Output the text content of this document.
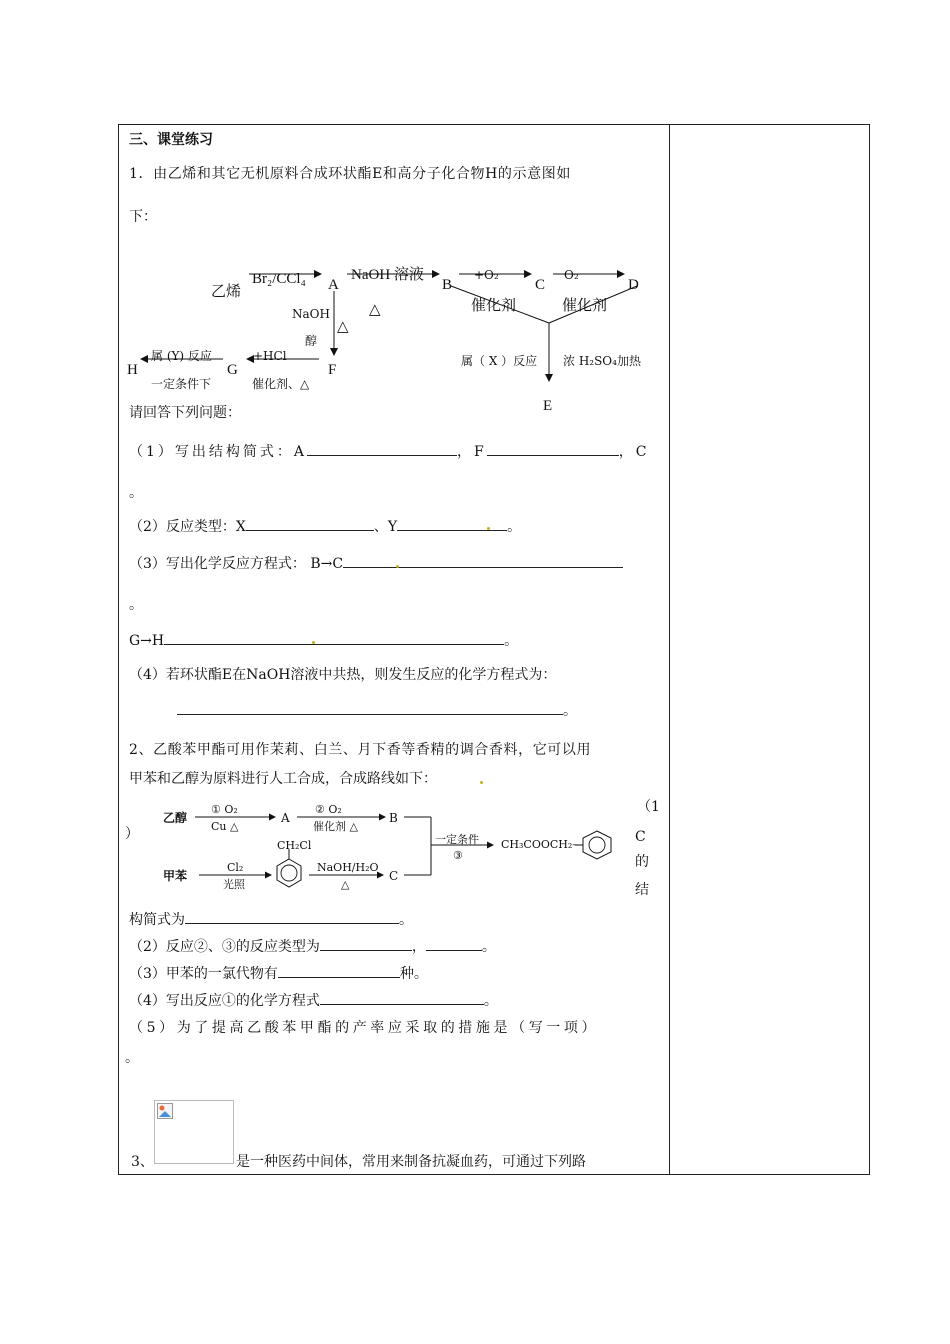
三、课堂练习
1．由乙烯和其它无机原料合成环状酯E和高分子化合物H的示意图如
下：
乙烯
Br₂/CCl₄ A
NaOH 溶液
△
B
+O₂
催化剂
C
O₂
催化剂
D
NaOH
醇
△
F
+HCl
催化剂、△
G
属 (Y) 反应
一定条件下
H
属（ X ）反应 浓 H₂SO₄加热
E
请回答下列问题：
（1）写出结构简式：A	，F	，C
。
（2）反应类型：X	、Y	。
（3）写出化学反应方程式： B→C
。
G→H	。
（4）若环状酯E在NaOH溶液中共热，则发生反应的化学方程式为：
。
2、乙酸苯甲酯可用作茉莉、白兰、月下香等香精的调合香料，它可以用
甲苯和乙醇为原料进行人工合成，合成路线如下：
乙醇
① O₂
Cu △
A
② O₂
催化剂 △
B
一定条件
③
CH₃COOCH₂–
甲苯
Cl₂
光照
CH₂Cl
NaOH/H₂O
△
C
（1
）	C
的
结
构简式为	。
（2）反应②、③的反应类型为	，	。
（3）甲苯的一氯代物有	种。
（4）写出反应①的化学方程式	。
（5）为了提高乙酸苯甲酯的产率应采取的措施是（写一项）
。
3、	是一种医药中间体，常用来制备抗凝血药，可通过下列路
